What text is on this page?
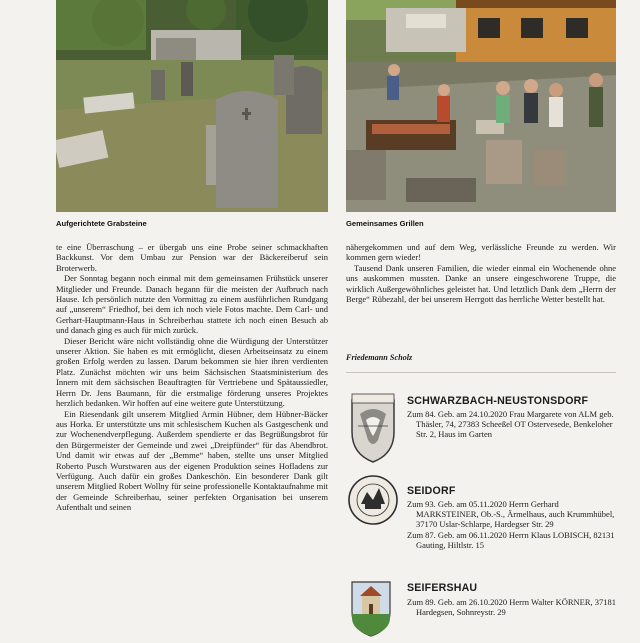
Aufgerichtete Grabsteine	Gemeinsames Grillen

te eine Überraschung – er übergab uns eine Probe seiner schmackhaften Backkunst. Vor dem Umbau zur Pension war der Bäckereiberuf sein Broterwerb.

Der Sonntag begann noch einmal mit dem gemeinsamen Frühstück unserer Mitglieder und Freunde. Danach begann für die meisten der Aufbruch nach Hause. Ich persönlich nutzte den Vormittag zu einem ausführlichen Rundgang auf „unserem“ Friedhof, bei dem ich noch viele Fotos machte. Dem Carl- und Gerhart-Hauptmann-Haus in Schreiberhau stattete ich noch einen Besuch ab und danach ging es auch für mich zurück.

Dieser Bericht wäre nicht vollständig ohne die Würdigung der Unterstützer unserer Aktion. Sie haben es mit ermöglicht, diesen Arbeitseinsatz zu einem großen Erfolg werden zu lassen. Darum bekommen sie hier ihren verdienten Platz. Zunächst möchten wir uns beim Sächsischen Staatsministerium des Innern mit dem sächsischen Beauftragten für Vertriebene und Spätaussiedler, Herrn Dr. Jens Baumann, für die erstmalige förderung unseres Projektes herzlich bedanken. Wir hoffen auf eine weitere gute Unterstützung.

Ein Riesendank gilt unserem Mitglied Armin Hübner, dem Hübner-Bäcker aus Horka. Er unterstützte uns mit schlesischem Kuchen als Gastgeschenk und zur Wochenendverpflegung. Außerdem spendierte er das Begrüßungsbrot für den Bürgermeister der Gemeinde und zwei „Dreipfünder“ für das Abendbrot. Und damit wir etwas auf der „Bemme“ haben, stellte uns unser Mitglied Roberto Pusch Wurstwaren aus der eigenen Produktion seines Hofladens zur Verfügung. Auch dafür ein großes Dankeschön. Ein besonderer Dank gilt unserem Mitglied Robert Wollny für seine professionelle Kontaktaufnahme mit der Gemeinde Schreiberhau, seiner perfekten Organisation bei unserem Aufenthalt und seinen

nähergekommen und auf dem Weg, verlässliche Freunde zu werden. Wir kommen gern wieder!

Tausend Dank unseren Familien, die wieder einmal ein Wochenende ohne uns auskommen mussten. Danke an unsere eingeschworene Truppe, die wirklich Außergewöhnliches geleistet hat. Und letztlich Dank dem „Herrn der Berge“ Rübezahl, der bei unserem Herrgott das herrliche Wetter bestellt hat.

Friedemann Scholz
SCHWARZBACH-NEUSTONSDORF

Zum 84. Geb. am 24.10.2020 Frau Margarete von ALM geb. Thäsler, 74, 27383 Scheeßel OT Ostervesede, Benkeloher Str. 2, Haus im Garten

SEIDORF

Zum 93. Geb. am 05.11.2020 Herrn Gerhard MARKSTEINER, Ob.-S., Ärmelhaus, auch Krummhübel, 37170 Uslar-Schlarpe, Hardegser Str. 29

Zum 87. Geb. am 06.11.2020 Herrn Klaus LOBISCH, 82131 Gauting, Hiltlstr. 15

SEIFERSHAU

Zum 89. Geb. am 26.10.2020 Herrn Walter KÖRNER, 37181 Hardegsen, Sohnreystr. 29
